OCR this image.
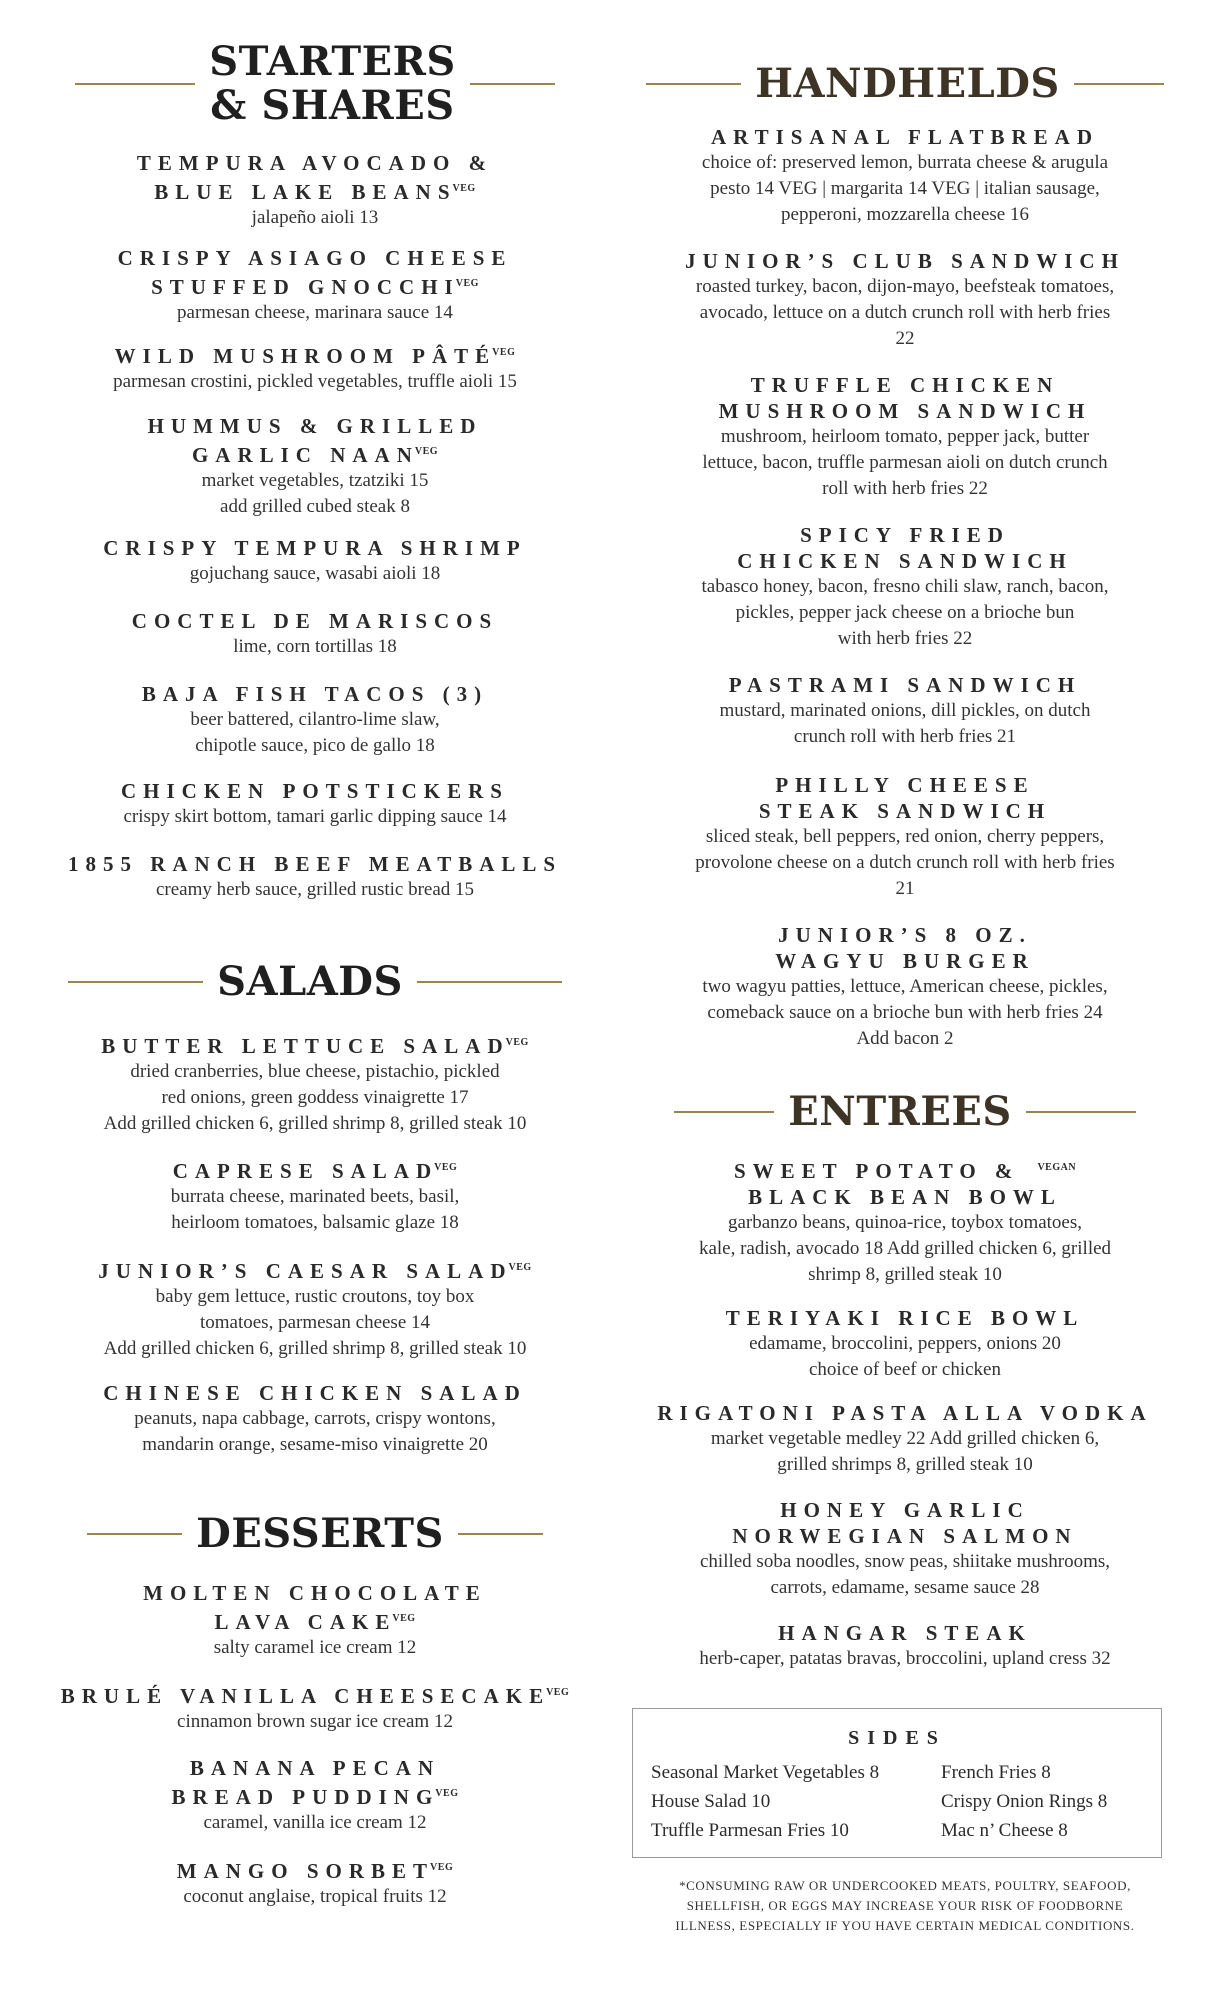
STARTERS
& SHARES
TEMPURA AVOCADO &
BLUE LAKE $BEANS^{VEG}$
jalapeño aioli 13
CRISPY ASIAGO CHEESE
STUFFED $GNOCCHI^{VEG}$
parmesan cheese, marinara sauce 14
WILD MUSHROOM $PÂTÉ^{VEG}$
parmesan crostini, pickled vegetables, truffle aioli 15
HUMMUS & GRILLED
GARLIC $NAAN^{VEG}$
market vegetables, tzatziki 15
add grilled cubed steak 8
CRISPY TEMPURA SHRIMP
gojuchang sauce, wasabi aioli 18
COCTEL DE MARISCOS
lime, corn tortillas 18
BAJA FISH TACOS (3)
beer battered, cilantro-lime slaw,
chipotle sauce, pico de gallo 18
CHICKEN POTSTICKERS
crispy skirt bottom, tamari garlic dipping sauce 14
1855 RANCH BEEF MEATBALLS
creamy herb sauce, grilled rustic bread 15
SALADS
BUTTER LETTUCE $SALAD^{VEG}$
dried cranberries, blue cheese, pistachio, pickled
red onions, green goddess vinaigrette 17
Add grilled chicken 6, grilled shrimp 8, grilled steak 10
CAPRESE $SALAD^{VEG}$
burrata cheese, marinated beets, basil,
heirloom tomatoes, balsamic glaze 18
JUNIOR’S CAESAR $SALAD^{VEG}$
baby gem lettuce, rustic croutons, toy box
tomatoes, parmesan cheese 14
Add grilled chicken 6, grilled shrimp 8, grilled steak 10
CHINESE CHICKEN SALAD
peanuts, napa cabbage, carrots, crispy wontons,
mandarin orange, sesame-miso vinaigrette 20
DESSERTS
MOLTEN CHOCOLATE
LAVA $CAKE^{VEG}$
salty caramel ice cream 12
BRULÉ VANILLA $CHEESECAKE^{VEG}$
cinnamon brown sugar ice cream 12
BANANA PECAN
BREAD $PUDDING^{VEG}$
caramel, vanilla ice cream 12
MANGO $SORBET^{VEG}$
coconut anglaise, tropical fruits 12
HANDHELDS
ARTISANAL FLATBREAD
choice of: preserved lemon, burrata cheese & arugula
pesto 14 VEG | margarita 14 VEG | italian sausage,
pepperoni, mozzarella cheese 16
JUNIOR’S CLUB SANDWICH
roasted turkey, bacon, dijon-mayo, beefsteak tomatoes,
avocado, lettuce on a dutch crunch roll with herb fries
22
TRUFFLE CHICKEN
MUSHROOM SANDWICH
mushroom, heirloom tomato, pepper jack, butter
lettuce, bacon, truffle parmesan aioli on dutch crunch
roll with herb fries 22
SPICY FRIED
CHICKEN SANDWICH
tabasco honey, bacon, fresno chili slaw, ranch, bacon,
pickles, pepper jack cheese on a brioche bun
with herb fries 22
PASTRAMI SANDWICH
mustard, marinated onions, dill pickles, on dutch
crunch roll with herb fries 21
PHILLY CHEESE
STEAK SANDWICH
sliced steak, bell peppers, red onion, cherry peppers,
provolone cheese on a dutch crunch roll with herb fries
21
JUNIOR’S 8 OZ.
WAGYU BURGER
two wagyu patties, lettuce, American cheese, pickles,
comeback sauce on a brioche bun with herb fries 24
Add bacon 2
ENTREES
SWEET POTATO & $^{VEGAN}$
BLACK BEAN BOWL
garbanzo beans, quinoa-rice, toybox tomatoes,
kale, radish, avocado 18 Add grilled chicken 6, grilled
shrimp 8, grilled steak 10
TERIYAKI RICE BOWL
edamame, broccolini, peppers, onions 20
choice of beef or chicken
RIGATONI PASTA ALLA VODKA
market vegetable medley 22 Add grilled chicken 6,
grilled shrimps 8, grilled steak 10
HONEY GARLIC
NORWEGIAN SALMON
chilled soba noodles, snow peas, shiitake mushrooms,
carrots, edamame, sesame sauce 28
HANGAR STEAK
herb-caper, patatas bravas, broccolini, upland cress 32
SIDES
Seasonal Market Vegetables 8	French Fries 8
House Salad 10	Crispy Onion Rings 8
Truffle Parmesan Fries 10	Mac n’ Cheese 8
*CONSUMING RAW OR UNDERCOOKED MEATS, POULTRY, SEAFOOD,
SHELLFISH, OR EGGS MAY INCREASE YOUR RISK OF FOODBORNE
ILLNESS, ESPECIALLY IF YOU HAVE CERTAIN MEDICAL CONDITIONS.
